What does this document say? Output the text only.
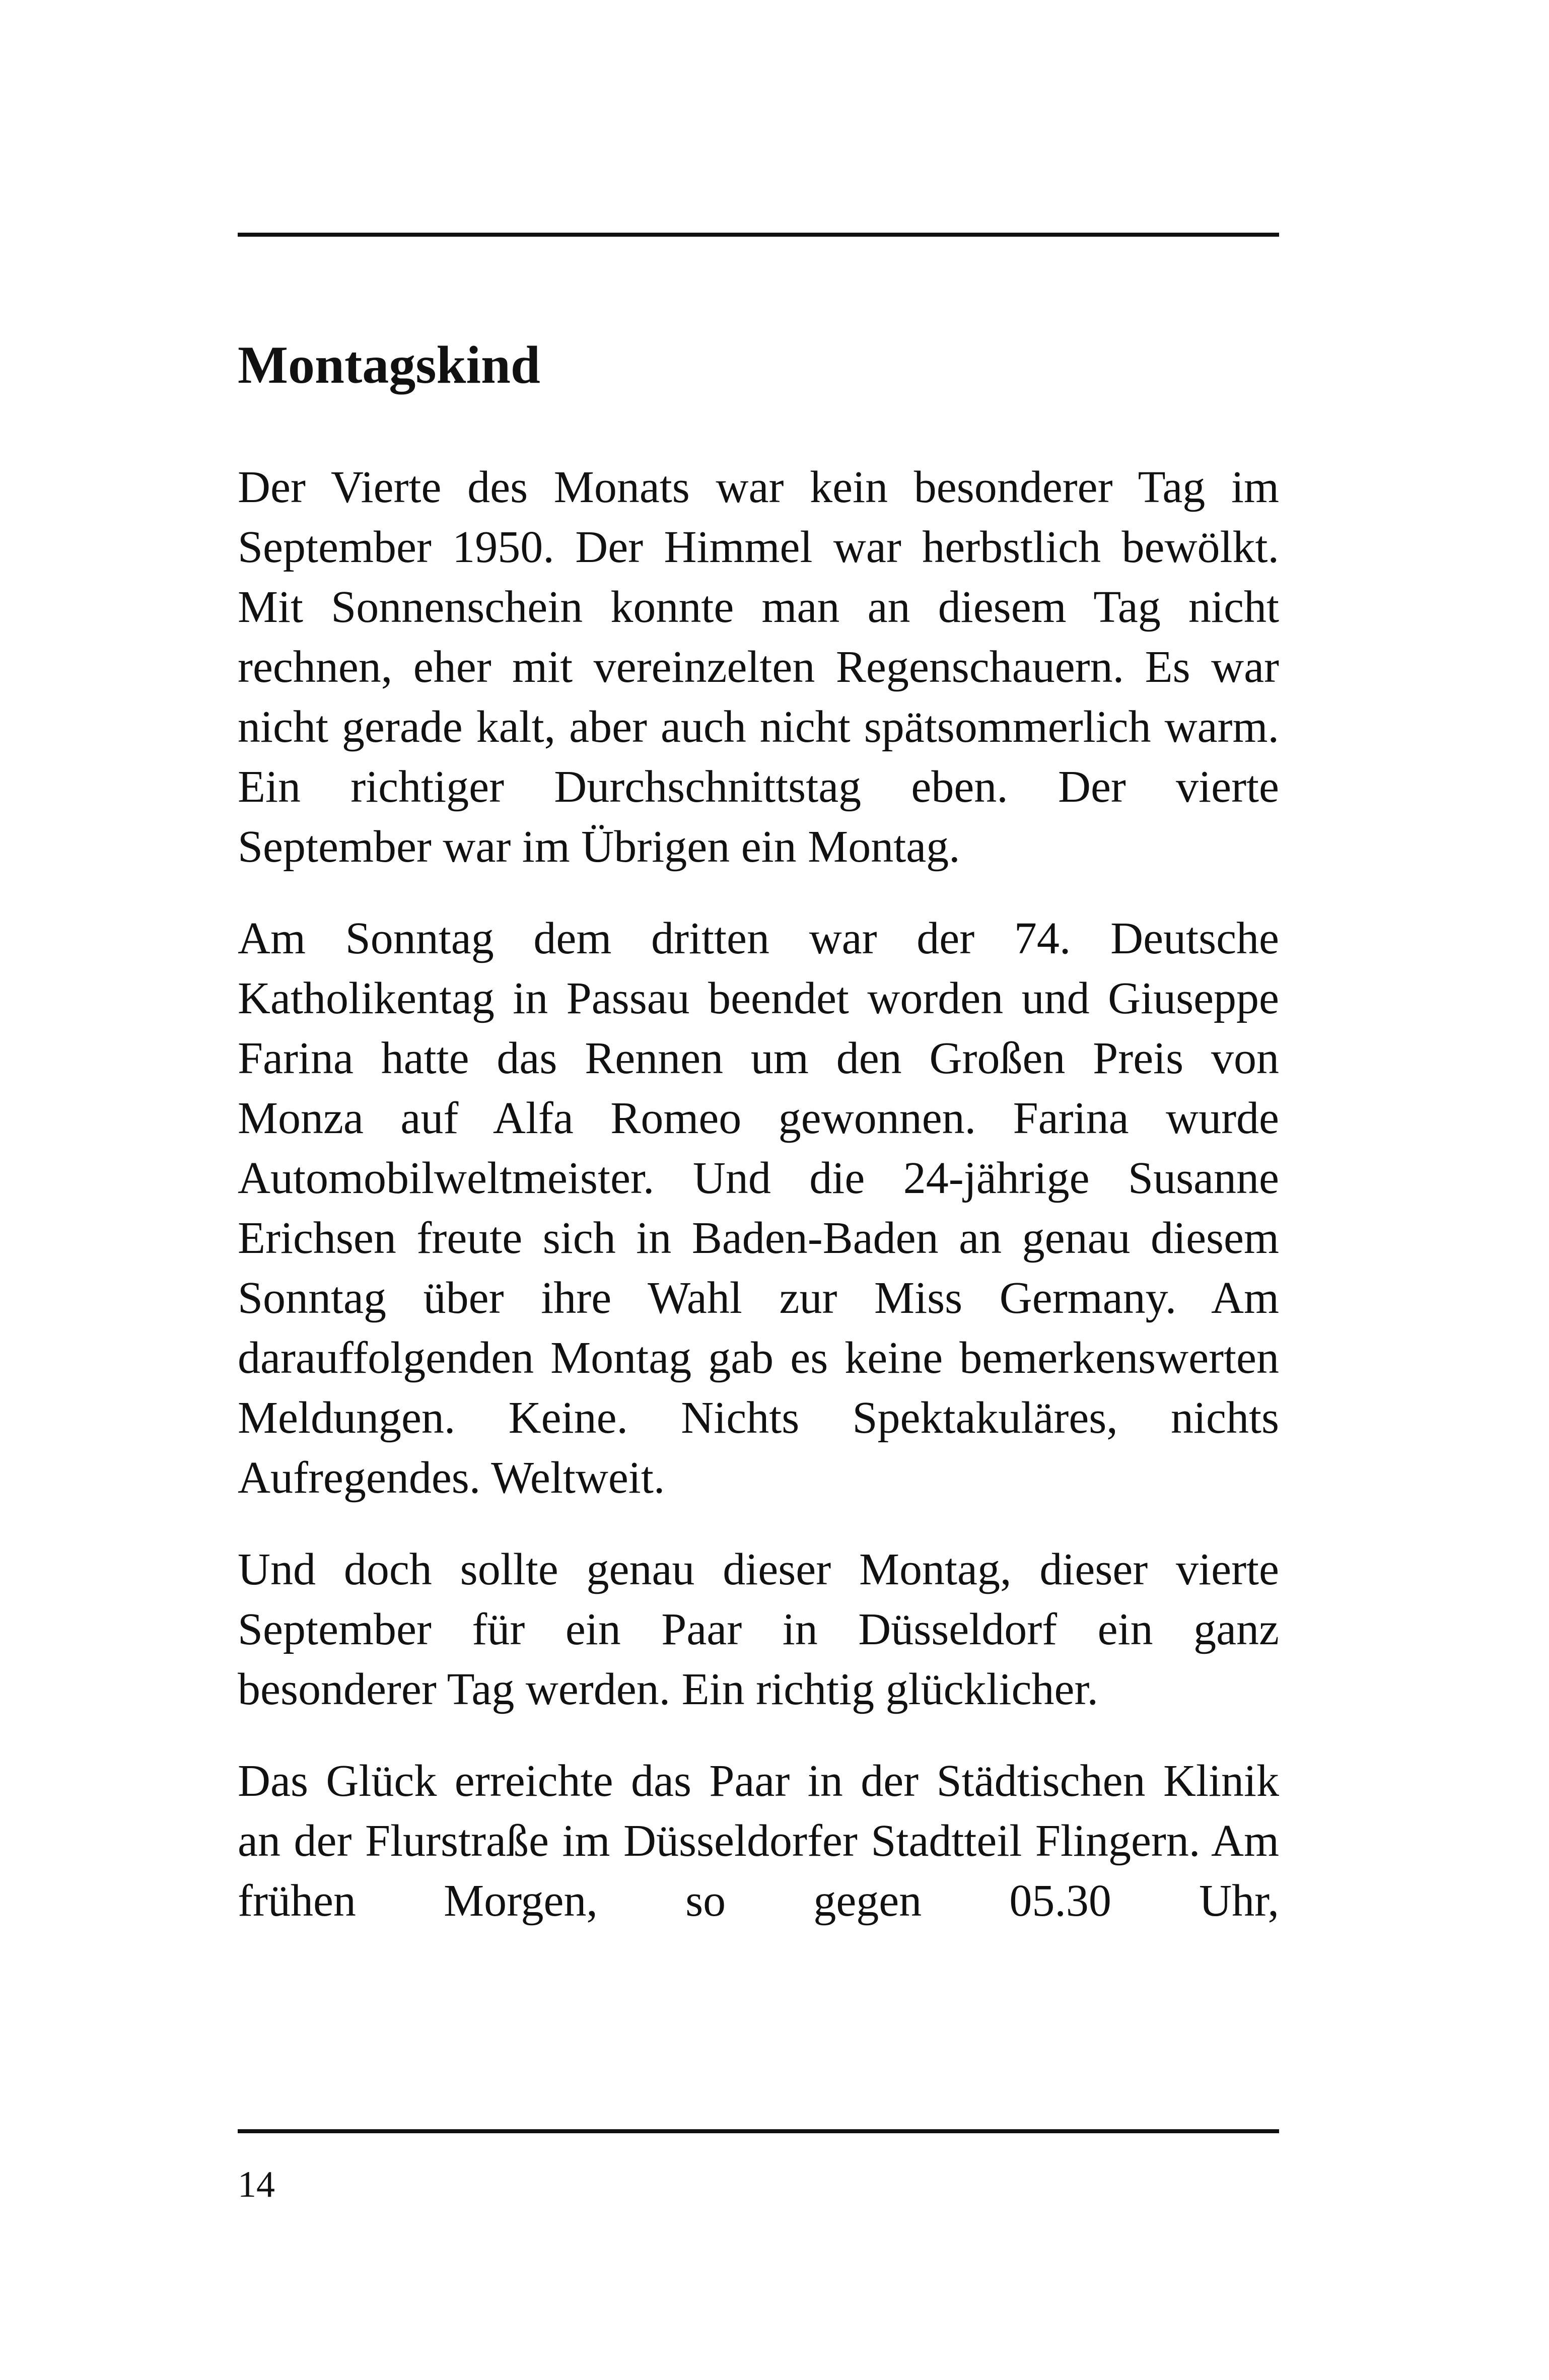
Montagskind

Der Vierte des Monats war kein besonderer Tag im September 1950. Der Himmel war herbstlich bewölkt. Mit Sonnenschein konnte man an diesem Tag nicht rechnen, eher mit vereinzelten Regenschauern. Es war nicht gerade kalt, aber auch nicht spätsommerlich warm. Ein richtiger Durchschnittstag eben. Der vierte September war im Übrigen ein Montag.

Am Sonntag dem dritten war der 74. Deutsche Katholikentag in Passau beendet worden und Giuseppe Farina hatte das Rennen um den Großen Preis von Monza auf Alfa Romeo gewonnen. Farina wurde Automobilweltmeister. Und die 24-jährige Susanne Erichsen freute sich in Baden-Baden an genau diesem Sonntag über ihre Wahl zur Miss Germany. Am darauffolgenden Montag gab es keine bemerkenswerten Meldungen. Keine. Nichts Spektakuläres, nichts Aufregendes. Weltweit.

Und doch sollte genau dieser Montag, dieser vierte September für ein Paar in Düsseldorf ein ganz besonderer Tag werden. Ein richtig glücklicher.

Das Glück erreichte das Paar in der Städtischen Klinik an der Flurstraße im Düsseldorfer Stadtteil Flingern. Am frühen Morgen, so gegen 05.30 Uhr,

14
